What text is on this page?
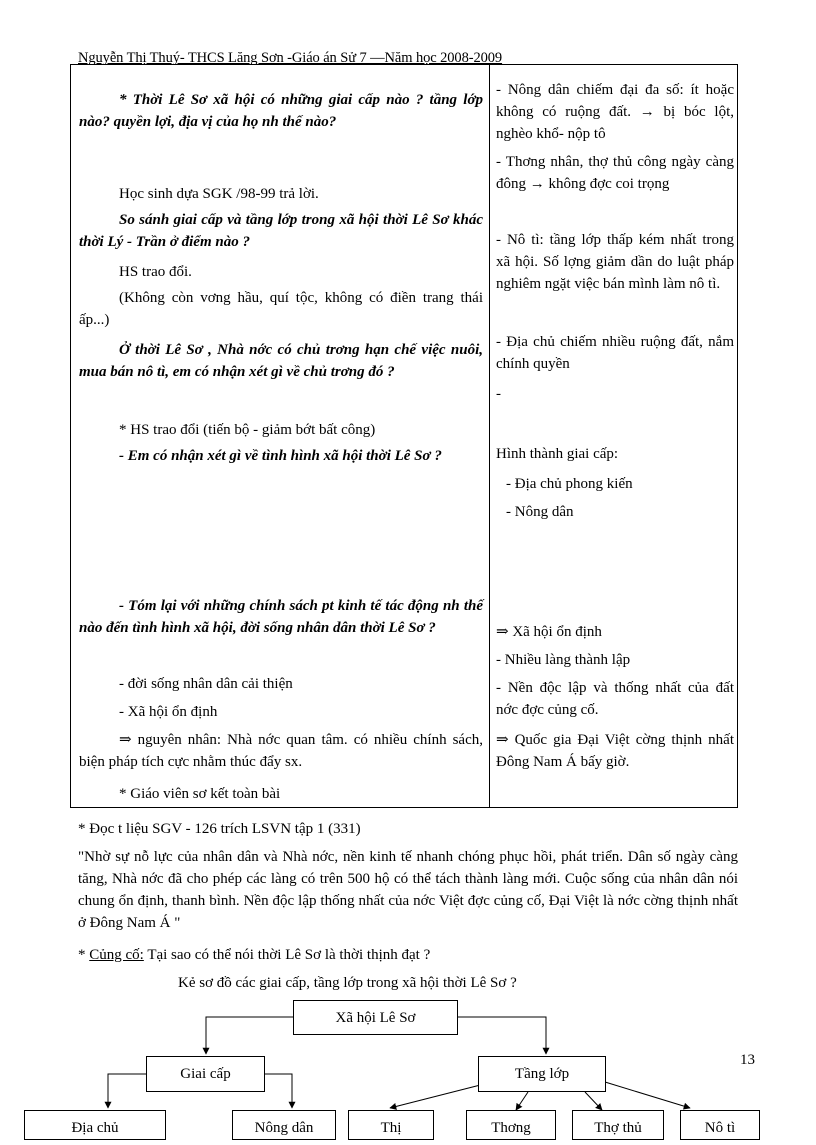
Nguyễn Thị Thuý- THCS Lăng Sơn -Giáo án Sử 7 —Năm học 2008-2009

* Thời Lê Sơ xã hội có những giai cấp nào ? tầng lớp nào? quyền lợi, địa vị của họ nh thế nào?

Học sinh dựa SGK /98-99 trả lời.

So sánh giai cấp và tầng lớp trong xã hội thời Lê Sơ khác thời Lý - Trần ở điểm nào ?

HS trao đổi.

(Không còn vơng hầu, quí tộc, không có điền trang thái ấp...)

Ở thời Lê Sơ , Nhà nớc có chủ trơng hạn chế việc nuôi, mua bán nô tì, em có nhận xét gì về chủ trơng đó ?

* HS trao đổi (tiến bộ - giảm bớt bất công)

- Em có nhận xét gì về tình hình xã hội thời Lê Sơ ?

- Tóm lại với những chính sách pt kinh tế tác động nh thế nào đến tình hình xã hội, đời sống nhân dân thời Lê Sơ ?

- đời sống nhân dân cải thiện

- Xã hội ổn định

⇒ nguyên nhân: Nhà nớc quan tâm. có nhiều chính sách, biện pháp tích cực nhằm thúc đẩy sx.

* Giáo viên sơ kết toàn bài

- Nông dân chiếm đại đa số: ít hoặc không có ruộng đất. → bị bóc lột, nghèo khổ- nộp tô

- Thơng nhân, thợ thủ công ngày càng đông → không đợc coi trọng

- Nô tì: tầng lớp thấp kém nhất trong xã hội. Số lợng giảm dần do luật pháp nghiêm ngặt việc bán mình làm nô tì.

- Địa chủ chiếm nhiều ruộng đất, nắm chính quyền

-

Hình thành giai cấp:

- Địa chủ phong kiến

- Nông dân

⇒ Xã hội ổn định

- Nhiều làng thành lập

- Nền độc lập và thống nhất của đất nớc đợc củng cố.

⇒ Quốc gia Đại Việt cờng thịnh nhất Đông Nam Á bấy giờ.

* Đọc t liệu SGV - 126 trích LSVN tập 1 (331)

"Nhờ sự nỗ lực của nhân dân và Nhà nớc, nền kinh tế nhanh chóng phục hồi, phát triển. Dân số ngày càng tăng, Nhà nớc đã cho phép các làng có trên 500 hộ có thể tách thành làng mới. Cuộc sống của nhân dân nói chung ổn định, thanh bình. Nền độc lập thống nhất của nớc Việt đợc củng cố, Đại Việt là nớc cờng thịnh nhất ở Đông Nam Á "

* Củng cố: Tại sao có thể nói thời Lê Sơ là thời thịnh đạt ?

Kẻ sơ đồ các giai cấp, tầng lớp trong xã hội thời Lê Sơ ?

Xã hội Lê Sơ
Giai cấp	Tầng lớp
Địa chủ	Nông dân	Thị	Thơng	Thợ thủ	Nô tì
13
